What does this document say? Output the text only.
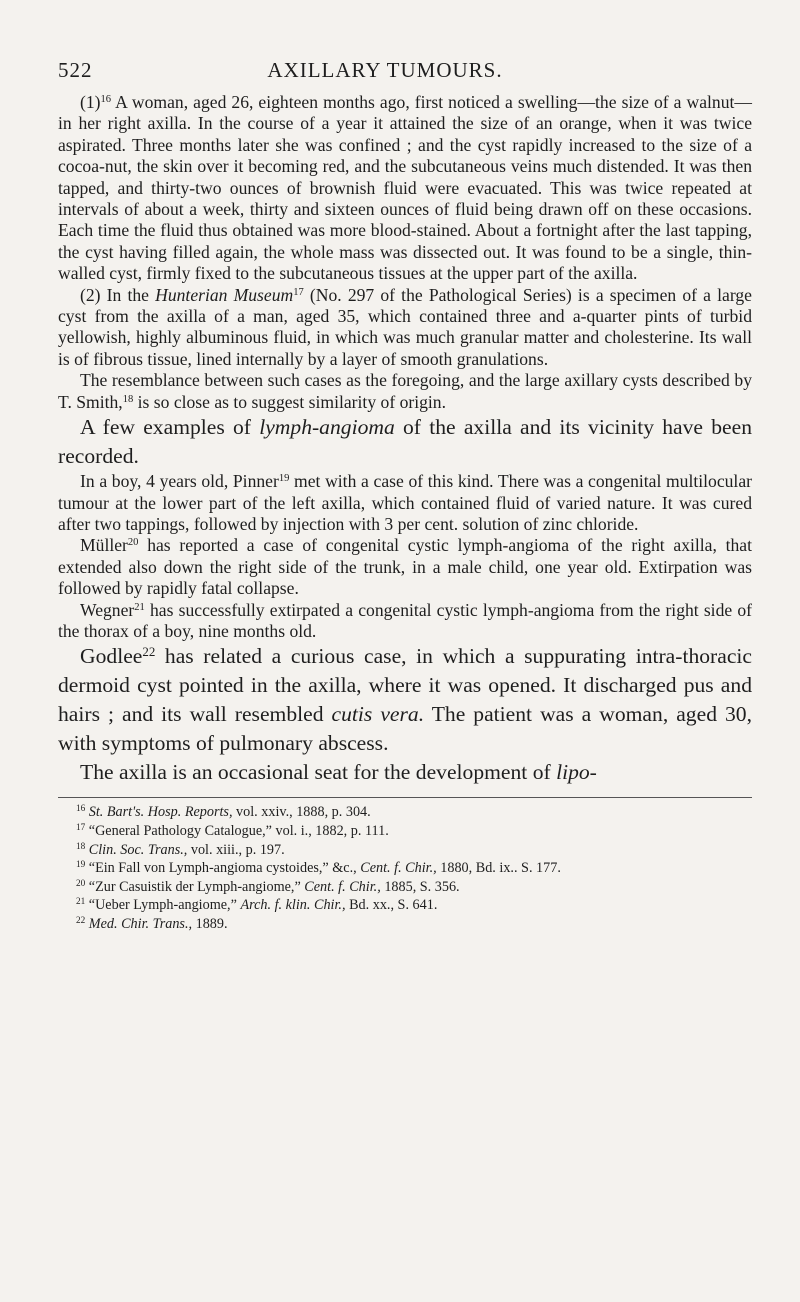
522	AXILLARY TUMOURS.

$(1)^{16}$ A woman, aged 26, eighteen months ago, first noticed a swelling—the size of a walnut—in her right axilla. In the course of a year it attained the size of an orange, when it was twice aspirated. Three months later she was confined ; and the cyst rapidly increased to the size of a cocoa-nut, the skin over it becoming red, and the subcutaneous veins much distended. It was then tapped, and thirty-two ounces of brownish fluid were evacuated. This was twice repeated at intervals of about a week, thirty and sixteen ounces of fluid being drawn off on these occasions. Each time the fluid thus obtained was more blood-stained. About a fortnight after the last tapping, the cyst having filled again, the whole mass was dissected out. It was found to be a single, thin-walled cyst, firmly fixed to the subcutaneous tissues at the upper part of the axilla.

(2) In the Hunterian Museum$^{17}$ (No. 297 of the Pathological Series) is a specimen of a large cyst from the axilla of a man, aged 35, which contained three and a-quarter pints of turbid yellowish, highly albuminous fluid, in which was much granular matter and cholesterine. Its wall is of fibrous tissue, lined internally by a layer of smooth granulations.

The resemblance between such cases as the foregoing, and the large axillary cysts described by T. Smith,$^{18}$ is so close as to suggest similarity of origin.

A few examples of lymph-angioma of the axilla and its vicinity have been recorded.

In a boy, 4 years old, Pinner$^{19}$ met with a case of this kind. There was a congenital multilocular tumour at the lower part of the left axilla, which contained fluid of varied nature. It was cured after two tappings, followed by injection with 3 per cent. solution of zinc chloride.

Müller$^{20}$ has reported a case of congenital cystic lymph-angioma of the right axilla, that extended also down the right side of the trunk, in a male child, one year old. Extirpation was followed by rapidly fatal collapse.

Wegner$^{21}$ has successfully extirpated a congenital cystic lymph-angioma from the right side of the thorax of a boy, nine months old.

Godlee$^{22}$ has related a curious case, in which a suppurating intra-thoracic dermoid cyst pointed in the axilla, where it was opened. It discharged pus and hairs ; and its wall resembled cutis vera. The patient was a woman, aged 30, with symptoms of pulmonary abscess.

The axilla is an occasional seat for the development of lipo-

$^{16}$ St. Bart's. Hosp. Reports, vol. xxiv., 1888, p. 304.

$^{17}$ “General Pathology Catalogue,” vol. i., 1882, p. 111.

$^{18}$ Clin. Soc. Trans., vol. xiii., p. 197.

$^{19}$ “Ein Fall von Lymph-angioma cystoides,” &c., Cent. f. Chir., 1880, Bd. ix.. S. 177.

$^{20}$ “Zur Casuistik der Lymph-angiome,” Cent. f. Chir., 1885, S. 356.

$^{21}$ “Ueber Lymph-angiome,” Arch. f. klin. Chir., Bd. xx., S. 641.

$^{22}$ Med. Chir. Trans., 1889.
